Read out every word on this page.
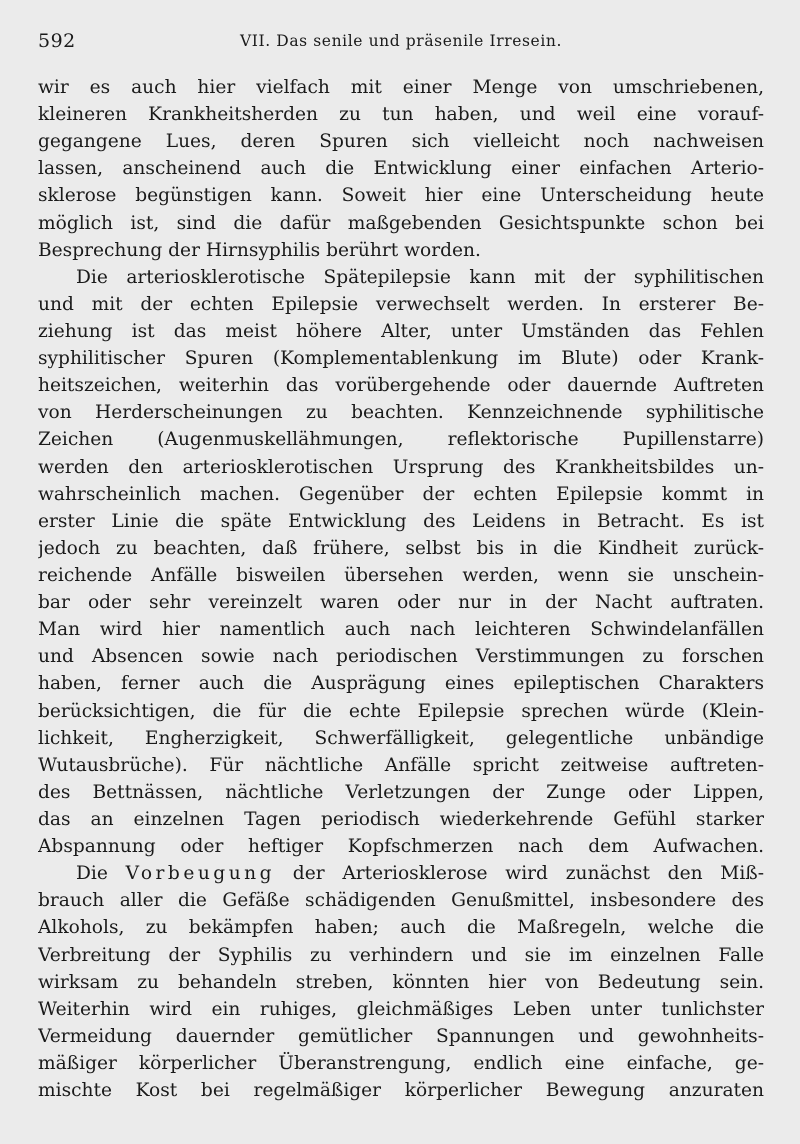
592	VII. Das senile und präsenile Irresein.
wir es auch hier vielfach mit einer Menge von umschriebenen,
kleineren Krankheitsherden zu tun haben, und weil eine vorauf-
gegangene Lues, deren Spuren sich vielleicht noch nachweisen
lassen, anscheinend auch die Entwicklung einer einfachen Arterio-
sklerose begünstigen kann. Soweit hier eine Unterscheidung heute
möglich ist, sind die dafür maßgebenden Gesichtspunkte schon bei
Besprechung der Hirnsyphilis berührt worden.
Die arteriosklerotische Spätepilepsie kann mit der syphilitischen
und mit der echten Epilepsie verwechselt werden. In ersterer Be-
ziehung ist das meist höhere Alter, unter Umständen das Fehlen
syphilitischer Spuren (Komplementablenkung im Blute) oder Krank-
heitszeichen, weiterhin das vorübergehende oder dauernde Auftreten
von Herderscheinungen zu beachten. Kennzeichnende syphilitische
Zeichen (Augenmuskellähmungen, reflektorische Pupillenstarre)
werden den arteriosklerotischen Ursprung des Krankheitsbildes un-
wahrscheinlich machen. Gegenüber der echten Epilepsie kommt in
erster Linie die späte Entwicklung des Leidens in Betracht. Es ist
jedoch zu beachten, daß frühere, selbst bis in die Kindheit zurück-
reichende Anfälle bisweilen übersehen werden, wenn sie unschein-
bar oder sehr vereinzelt waren oder nur in der Nacht auftraten.
Man wird hier namentlich auch nach leichteren Schwindelanfällen
und Absencen sowie nach periodischen Verstimmungen zu forschen
haben, ferner auch die Ausprägung eines epileptischen Charakters
berücksichtigen, die für die echte Epilepsie sprechen würde (Klein-
lichkeit, Engherzigkeit, Schwerfälligkeit, gelegentliche unbändige
Wutausbrüche). Für nächtliche Anfälle spricht zeitweise auftreten-
des Bettnässen, nächtliche Verletzungen der Zunge oder Lippen,
das an einzelnen Tagen periodisch wiederkehrende Gefühl starker
Abspannung oder heftiger Kopfschmerzen nach dem Aufwachen.
Die Vorbeugung der Arteriosklerose wird zunächst den Miß-
brauch aller die Gefäße schädigenden Genußmittel, insbesondere des
Alkohols, zu bekämpfen haben; auch die Maßregeln, welche die
Verbreitung der Syphilis zu verhindern und sie im einzelnen Falle
wirksam zu behandeln streben, könnten hier von Bedeutung sein.
Weiterhin wird ein ruhiges, gleichmäßiges Leben unter tunlichster
Vermeidung dauernder gemütlicher Spannungen und gewohnheits-
mäßiger körperlicher Überanstrengung, endlich eine einfache, ge-
mischte Kost bei regelmäßiger körperlicher Bewegung anzuraten
